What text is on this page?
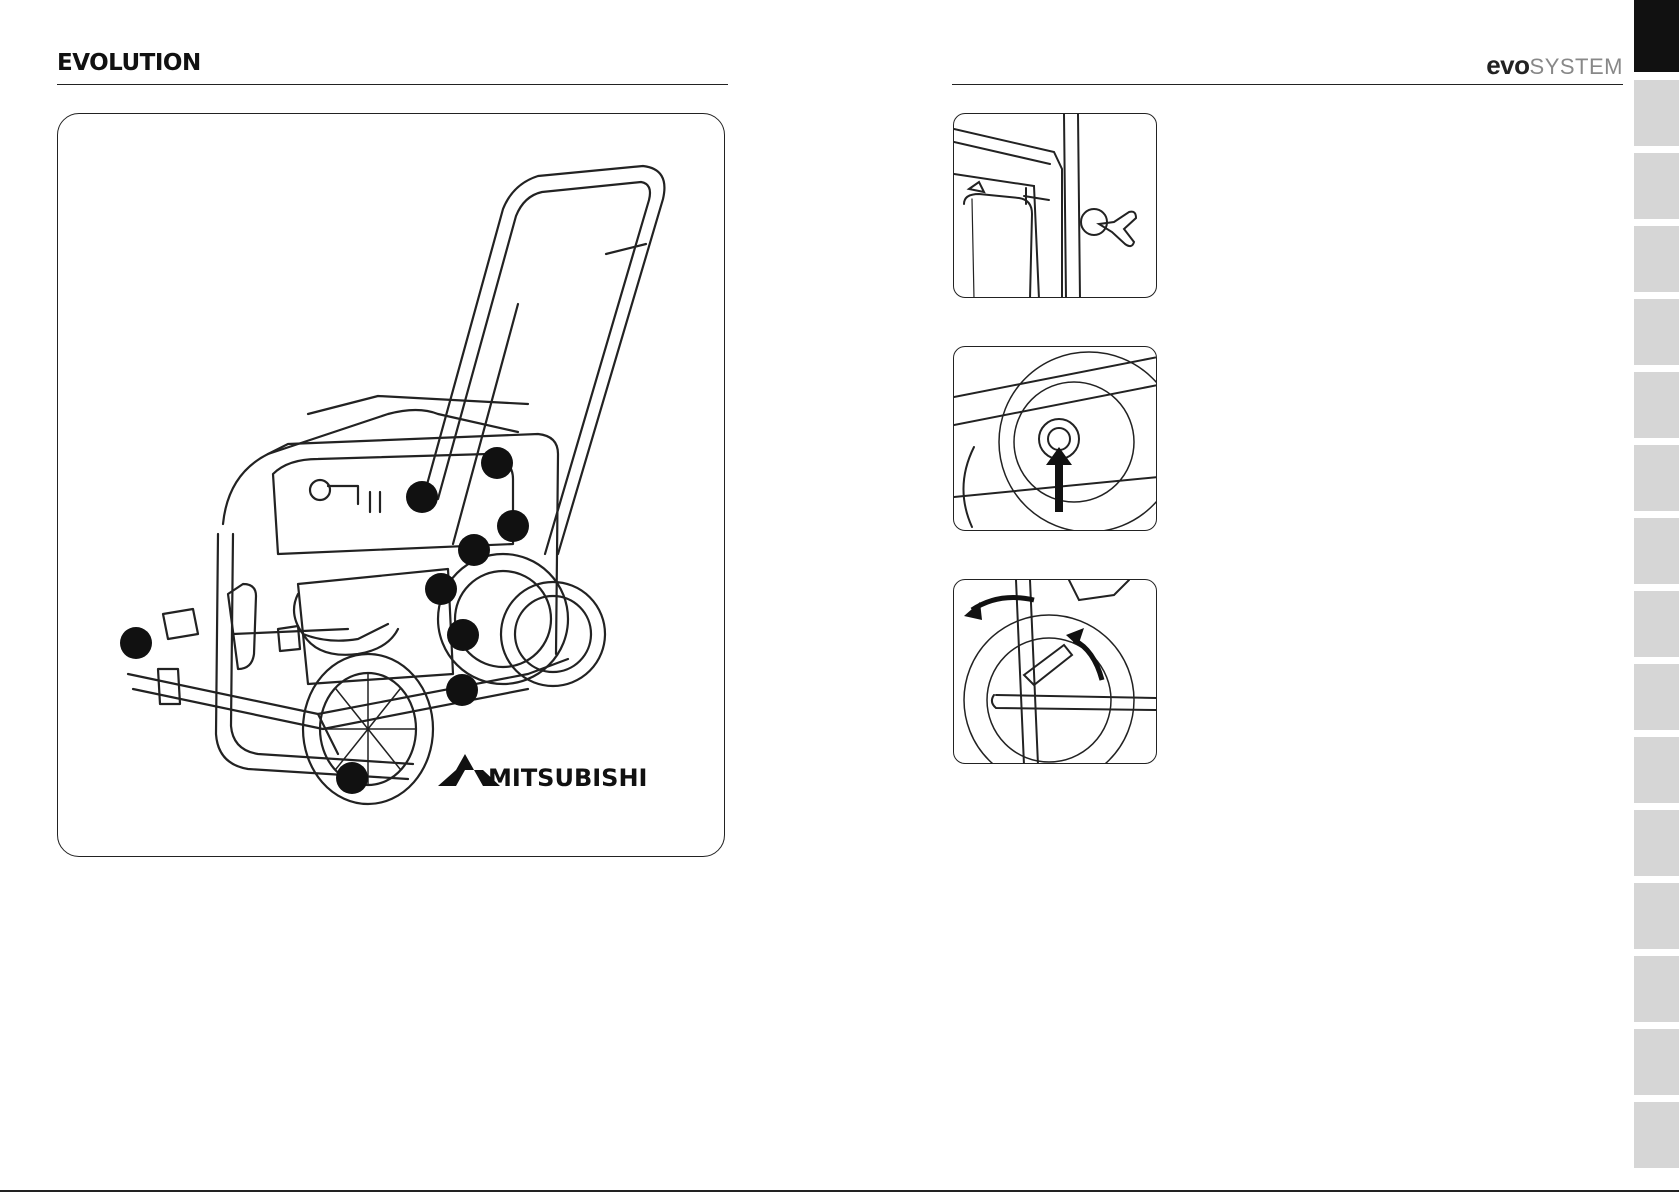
EVOLUTION	evoSYSTEM
MITSUBISHI
